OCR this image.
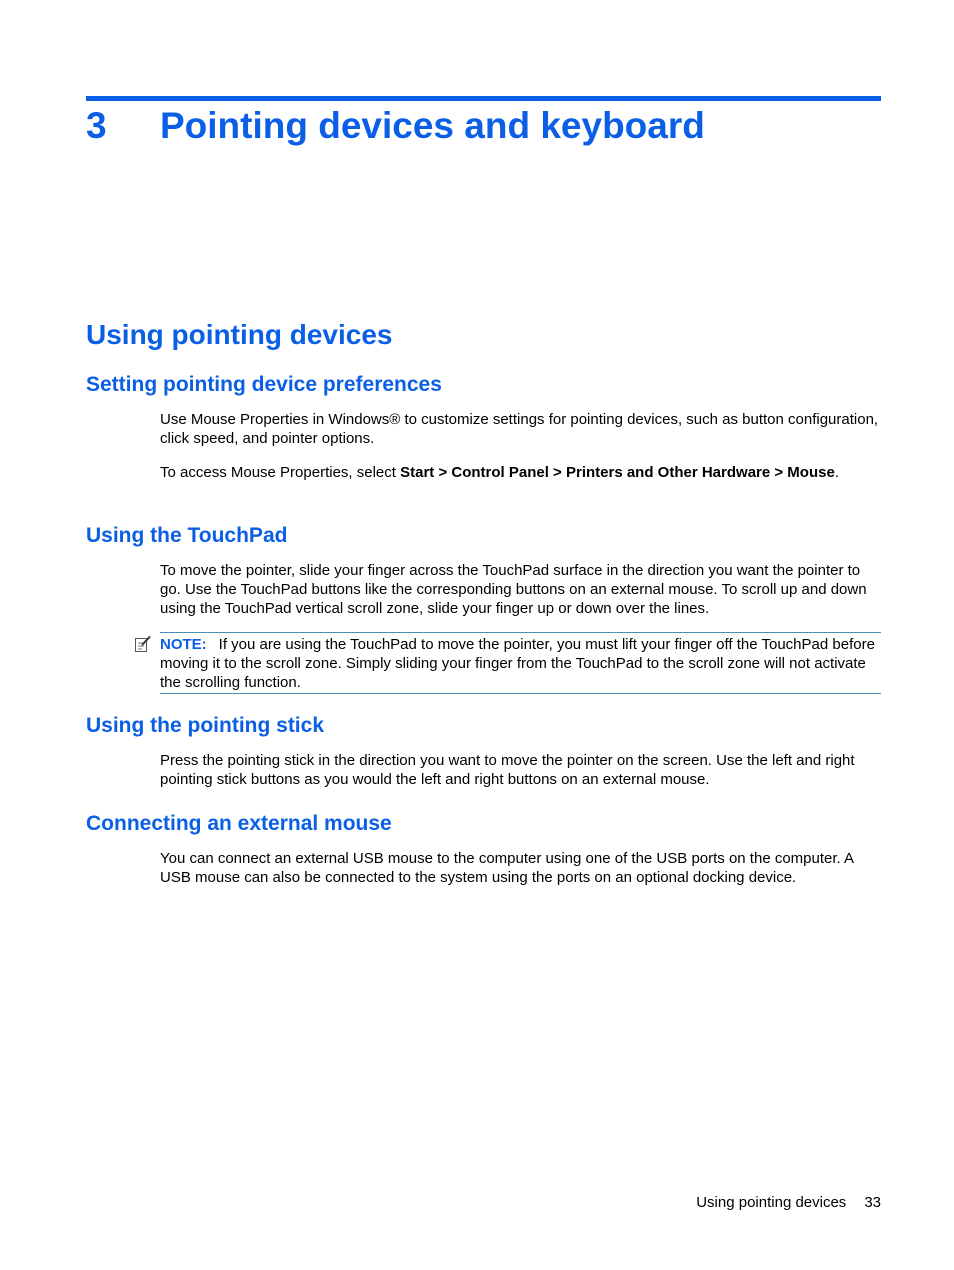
3 Pointing devices and keyboard
Using pointing devices
Setting pointing device preferences

Use Mouse Properties in Windows® to customize settings for pointing devices, such as button configuration, click speed, and pointer options.

To access Mouse Properties, select Start > Control Panel > Printers and Other Hardware > Mouse.

Using the TouchPad

To move the pointer, slide your finger across the TouchPad surface in the direction you want the pointer to go. Use the TouchPad buttons like the corresponding buttons on an external mouse. To scroll up and down using the TouchPad vertical scroll zone, slide your finger up or down over the lines.

NOTE: If you are using the TouchPad to move the pointer, you must lift your finger off the TouchPad before moving it to the scroll zone. Simply sliding your finger from the TouchPad to the scroll zone will not activate the scrolling function.
Using the pointing stick

Press the pointing stick in the direction you want to move the pointer on the screen. Use the left and right pointing stick buttons as you would the left and right buttons on an external mouse.

Connecting an external mouse

You can connect an external USB mouse to the computer using one of the USB ports on the computer. A USB mouse can also be connected to the system using the ports on an optional docking device.

Using pointing devices 33
